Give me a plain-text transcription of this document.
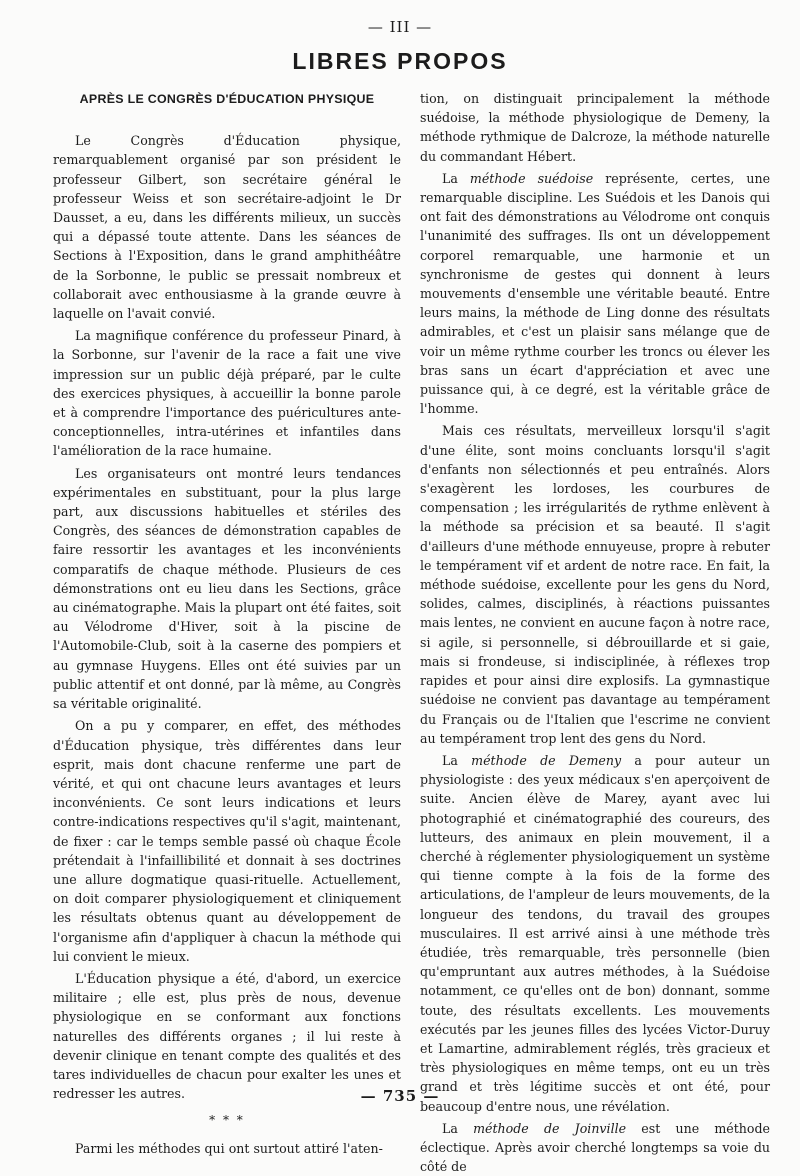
— III —
LIBRES PROPOS
APRÈS LE CONGRÈS D'ÉDUCATION PHYSIQUE

Le Congrès d'Éducation physique, remarquablement organisé par son président le professeur Gilbert, son secrétaire général le professeur Weiss et son secrétaire-adjoint le Dr Dausset, a eu, dans les différents milieux, un succès qui a dépassé toute attente. Dans les séances de Sections à l'Exposition, dans le grand amphithéâtre de la Sorbonne, le public se pressait nombreux et collaborait avec enthousiasme à la grande œuvre à laquelle on l'avait convié.

La magnifique conférence du professeur Pinard, à la Sorbonne, sur l'avenir de la race a fait une vive impression sur un public déjà préparé, par le culte des exercices physiques, à accueillir la bonne parole et à comprendre l'importance des puéricultures ante-conceptionnelles, intra-utérines et infantiles dans l'amélioration de la race humaine.

Les organisateurs ont montré leurs tendances expérimentales en substituant, pour la plus large part, aux discussions habituelles et stériles des Congrès, des séances de démonstration capables de faire ressortir les avantages et les inconvénients comparatifs de chaque méthode. Plusieurs de ces démonstrations ont eu lieu dans les Sections, grâce au cinématographe. Mais la plupart ont été faites, soit au Vélodrome d'Hiver, soit à la piscine de l'Automobile-Club, soit à la caserne des pompiers et au gymnase Huygens. Elles ont été suivies par un public attentif et ont donné, par là même, au Congrès sa véritable originalité.

On a pu y comparer, en effet, des méthodes d'Éducation physique, très différentes dans leur esprit, mais dont chacune renferme une part de vérité, et qui ont chacune leurs avantages et leurs inconvénients. Ce sont leurs indications et leurs contre-indications respectives qu'il s'agit, maintenant, de fixer : car le temps semble passé où chaque École prétendait à l'infaillibilité et donnait à ses doctrines une allure dogmatique quasi-rituelle. Actuellement, on doit comparer physiologiquement et cliniquement les résultats obtenus quant au développement de l'organisme afin d'appliquer à chacun la méthode qui lui convient le mieux.

L'Éducation physique a été, d'abord, un exercice militaire ; elle est, plus près de nous, devenue physiologique en se conformant aux fonctions naturelles des différents organes ; il lui reste à devenir clinique en tenant compte des qualités et des tares individuelles de chacun pour exalter les unes et redresser les autres.

* * *

Parmi les méthodes qui ont surtout attiré l'aten-

tion, on distinguait principalement la méthode suédoise, la méthode physiologique de Demeny, la méthode rythmique de Dalcroze, la méthode naturelle du commandant Hébert.

La méthode suédoise représente, certes, une remarquable discipline. Les Suédois et les Danois qui ont fait des démonstrations au Vélodrome ont conquis l'unanimité des suffrages. Ils ont un développement corporel remarquable, une harmonie et un synchronisme de gestes qui donnent à leurs mouvements d'ensemble une véritable beauté. Entre leurs mains, la méthode de Ling donne des résultats admirables, et c'est un plaisir sans mélange que de voir un même rythme courber les troncs ou élever les bras sans un écart d'appréciation et avec une puissance qui, à ce degré, est la véritable grâce de l'homme.

Mais ces résultats, merveilleux lorsqu'il s'agit d'une élite, sont moins concluants lorsqu'il s'agit d'enfants non sélectionnés et peu entraînés. Alors s'exagèrent les lordoses, les courbures de compensation ; les irrégularités de rythme enlèvent à la méthode sa précision et sa beauté. Il s'agit d'ailleurs d'une méthode ennuyeuse, propre à rebuter le tempérament vif et ardent de notre race. En fait, la méthode suédoise, excellente pour les gens du Nord, solides, calmes, disciplinés, à réactions puissantes mais lentes, ne convient en aucune façon à notre race, si agile, si personnelle, si débrouillarde et si gaie, mais si frondeuse, si indisciplinée, à réflexes trop rapides et pour ainsi dire explosifs. La gymnastique suédoise ne convient pas davantage au tempérament du Français ou de l'Italien que l'escrime ne convient au tempérament trop lent des gens du Nord.

La méthode de Demeny a pour auteur un physiologiste : des yeux médicaux s'en aperçoivent de suite. Ancien élève de Marey, ayant avec lui photographié et cinématographié des coureurs, des lutteurs, des animaux en plein mouvement, il a cherché à réglementer physiologiquement un système qui tienne compte à la fois de la forme des articulations, de l'ampleur de leurs mouvements, de la longueur des tendons, du travail des groupes musculaires. Il est arrivé ainsi à une méthode très étudiée, très remarquable, très personnelle (bien qu'empruntant aux autres méthodes, à la Suédoise notamment, ce qu'elles ont de bon) donnant, somme toute, des résultats excellents. Les mouvements exécutés par les jeunes filles des lycées Victor-Duruy et Lamartine, admirablement réglés, très gracieux et très physiologiques en même temps, ont eu un très grand et très légitime succès et ont été, pour beaucoup d'entre nous, une révélation.

La méthode de Joinville est une méthode éclectique. Après avoir cherché longtemps sa voie du côté de

— 735 —
